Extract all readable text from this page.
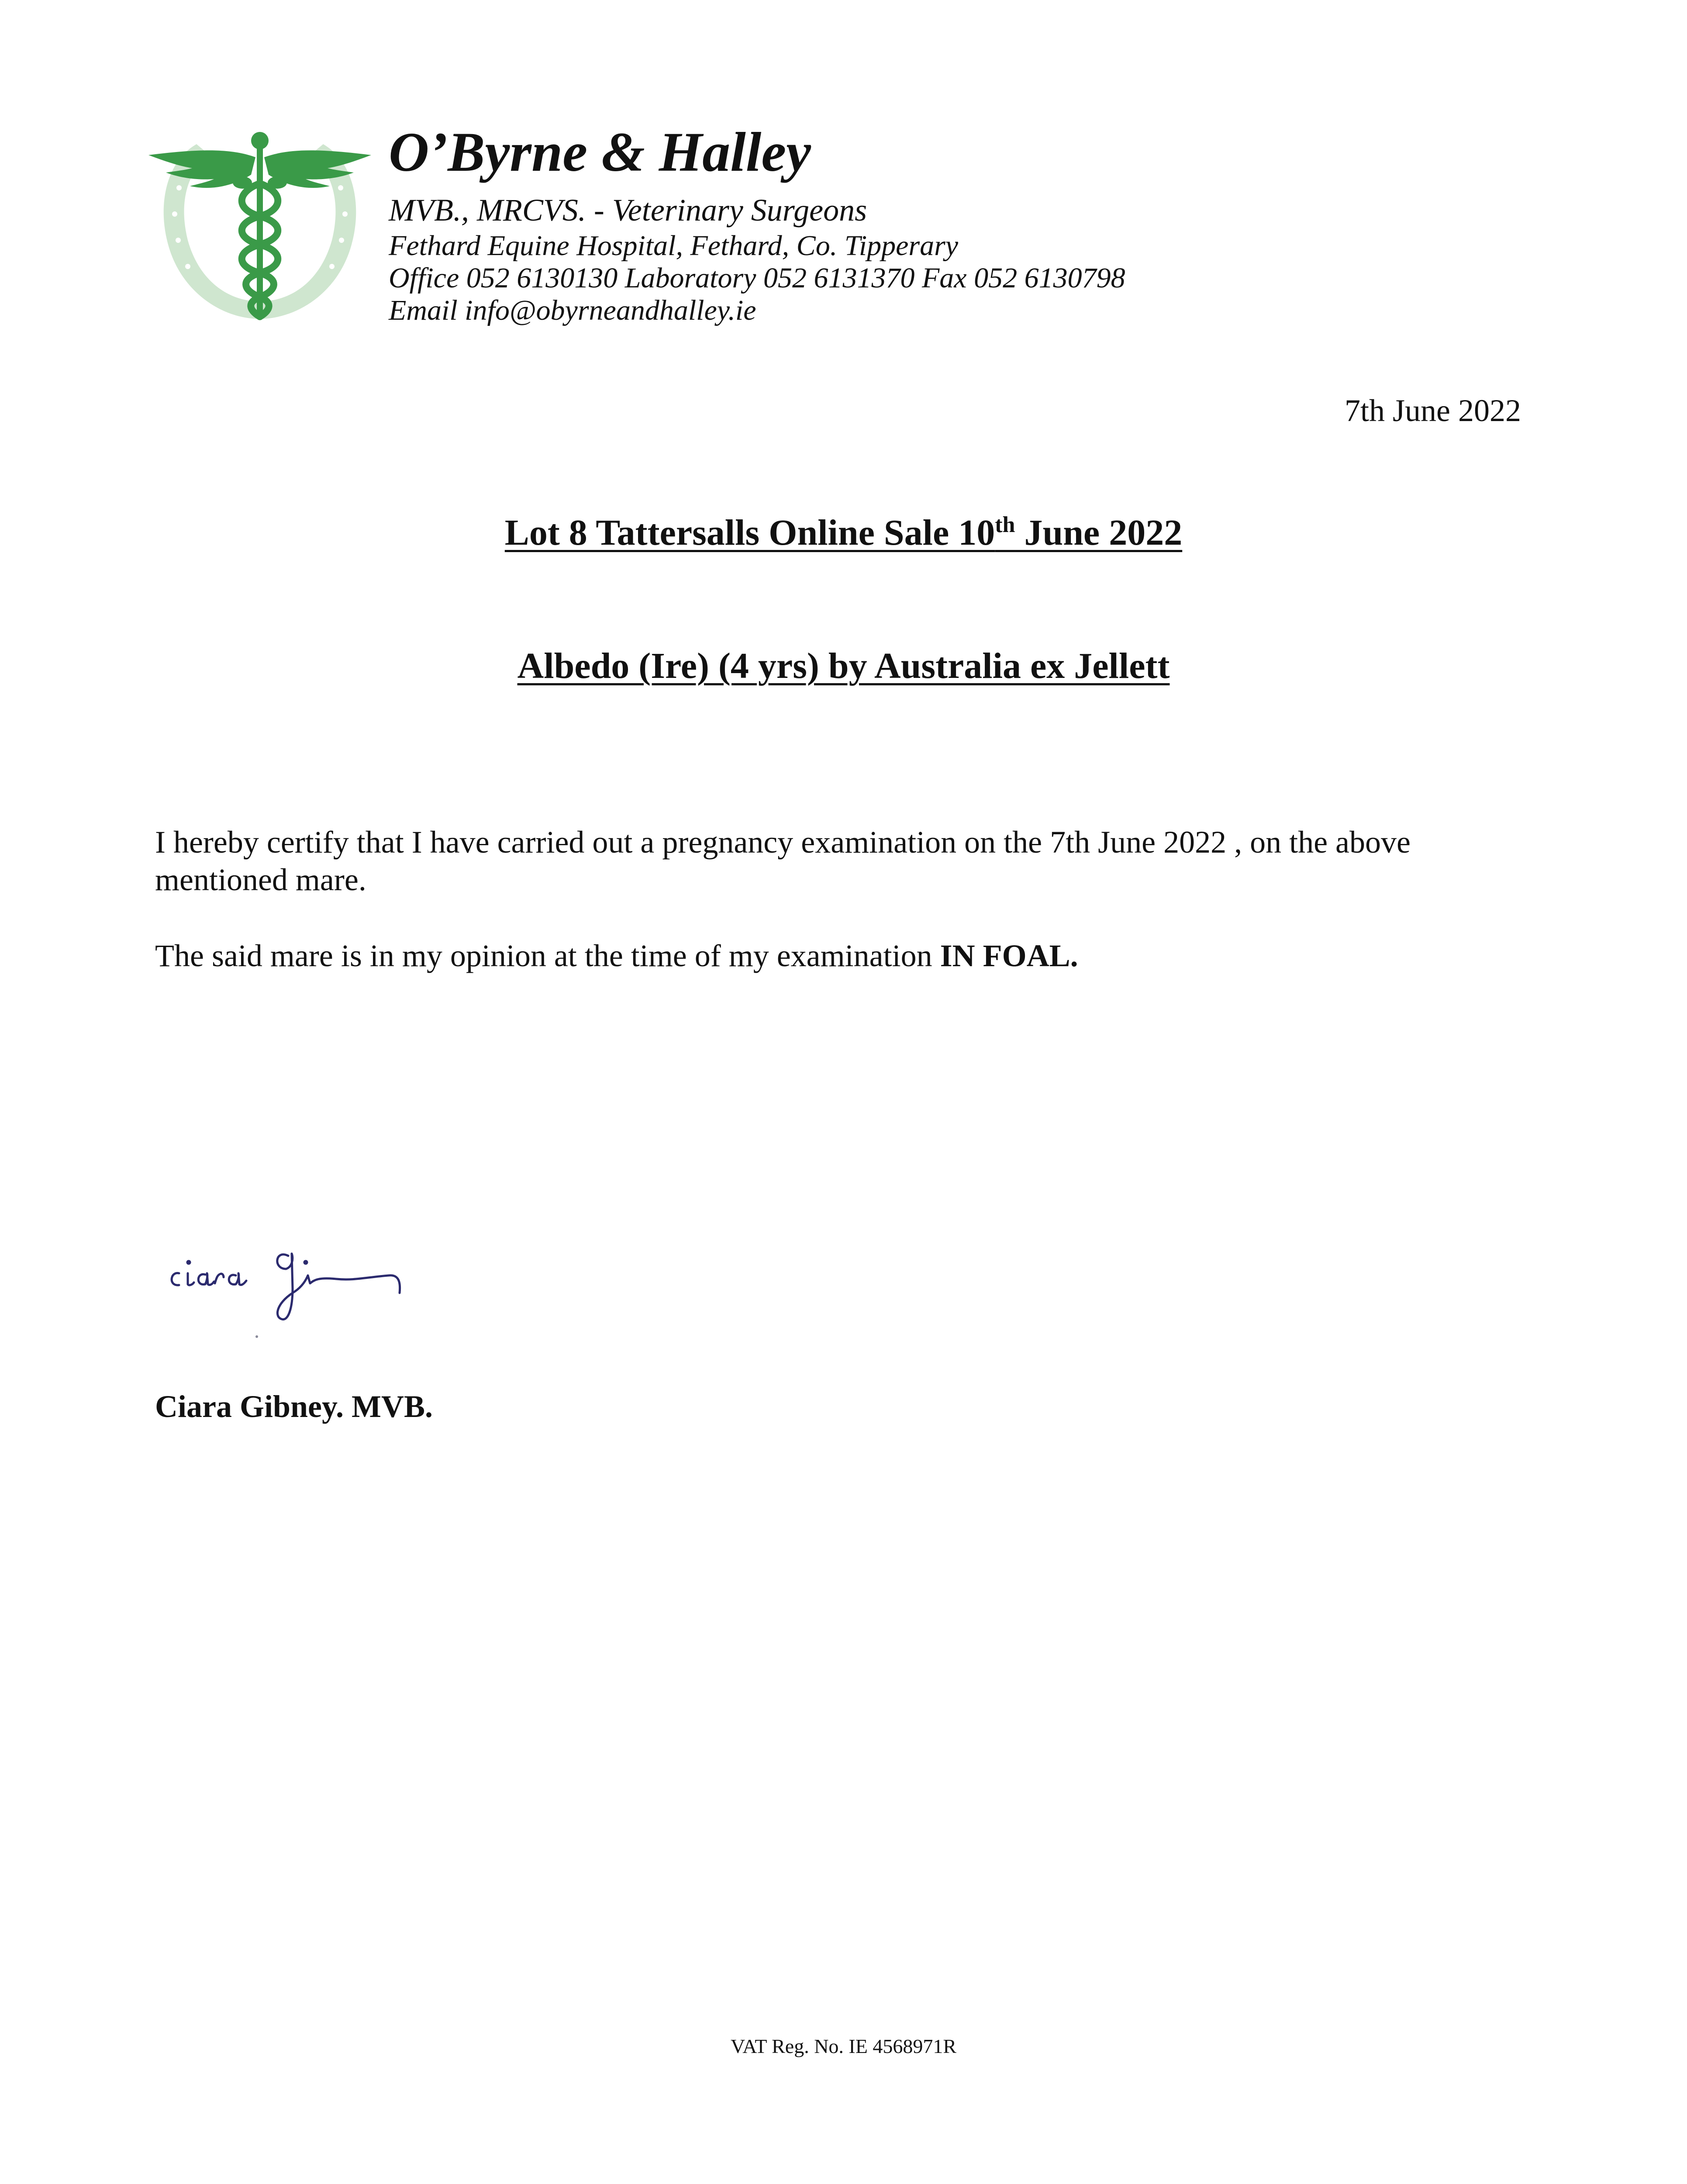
O’Byrne & Halley

MVB., MRCVS. - Veterinary Surgeons

Fethard Equine Hospital, Fethard, Co. Tipperary

Office 052 6130130 Laboratory 052 6131370 Fax 052 6130798

Email info@obyrneandhalley.ie

7th June 2022
Lot 8 Tattersalls Online Sale 10th June 2022
Albedo (Ire) (4 yrs) by Australia ex Jellett

I hereby certify that I have carried out a pregnancy examination on the 7th June 2022 , on the above mentioned mare.

The said mare is in my opinion at the time of my examination IN FOAL.

Ciara Gibney. MVB.
VAT Reg. No. IE 4568971R
